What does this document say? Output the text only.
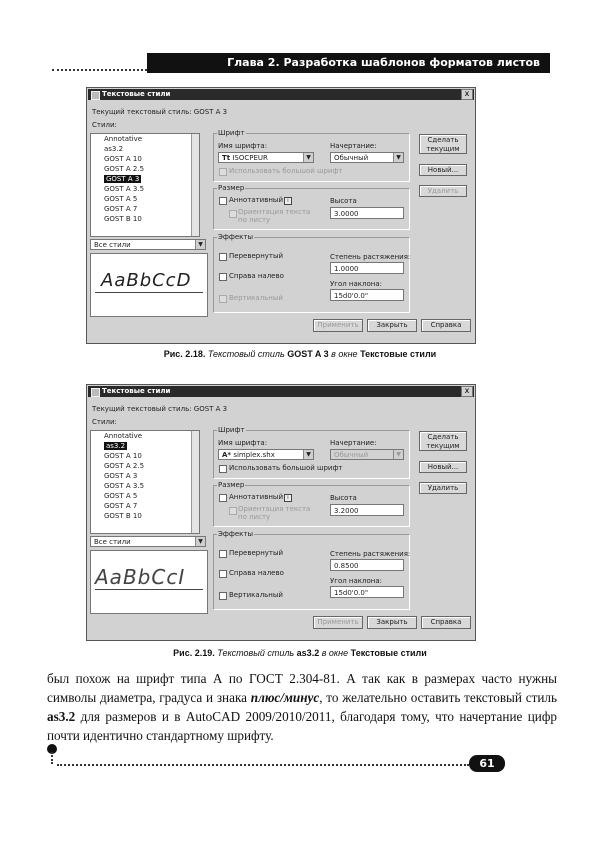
Глава 2. Разработка шаблонов форматов листов
Текстовые стили	x
Текущий текстовый стиль: GOST A 3
Стили:
Annotative
as3.2
GOST A 10
GOST A 2.5
GOST A 3
GOST A 3.5
GOST A 5
GOST A 7
GOST B 10
Все стили	▼
AaBbCcD
Шрифт
Имя шрифта:
Tt ISOCPEUR	▼
Начертание:
Обычный	▼
Использовать большой шрифт
Размер
Аннотативный i
Ориентация текста
по листу
Высота
3.0000
Эффекты
Перевернутый
Справа налево
Вертикальный
Степень растяжения:
1.0000
Угол наклона:
15d0'0.0"
Сделать
текущим
Новый...
Удалить
Применить	Закрыть	Справка
Рис. 2.18. Текстовый стиль GOST A 3 в окне Текстовые стили
Текстовые стили	x
Текущий текстовый стиль: GOST A 3
Стили:
Annotative
as3.2
GOST A 10
GOST A 2.5
GOST A 3
GOST A 3.5
GOST A 5
GOST A 7
GOST B 10
Все стили	▼
AaBbCcI
Шрифт
Имя шрифта:
A* simplex.shx	▼
Начертание:
Обычный	▼
Использовать большой шрифт
Размер
Аннотативный i
Ориентация текста
по листу
Высота
3.2000
Эффекты
Перевернутый
Справа налево
Вертикальный
Степень растяжения:
0.8500
Угол наклона:
15d0'0.0"
Сделать
текущим
Новый...
Удалить
Применить	Закрыть	Справка
Рис. 2.19. Текстовый стиль as3.2 в окне Текстовые стили

был похож на шрифт типа А по ГОСТ 2.304-81. А так как в размерах часто нужны символы диаметра, градуса и знака плюс/минус, то желательно оставить текстовый стиль as3.2 для размеров и в AutoCAD 2009/2010/2011, благодаря тому, что начертание цифр почти идентично стандартному шрифту.

61
